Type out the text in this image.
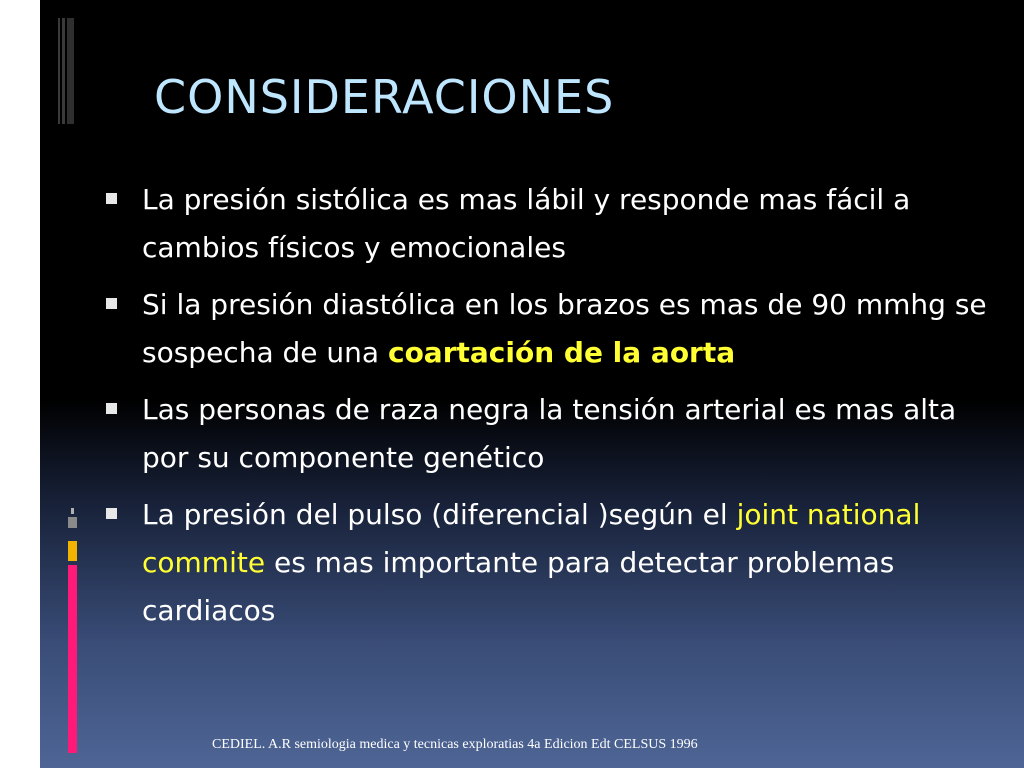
CONSIDERACIONES
La presión sistólica es mas lábil y responde mas fácil a cambios físicos y emocionales
Si la presión diastólica en los brazos es mas de 90 mmhg se sospecha de una coartación de la aorta
Las personas de raza negra la tensión arterial es mas alta por su componente genético
La presión del pulso (diferencial )según el joint national commite es mas importante para detectar problemas cardiacos
CEDIEL. A.R semiologia medica y tecnicas exploratias 4a Edicion Edt CELSUS 1996
